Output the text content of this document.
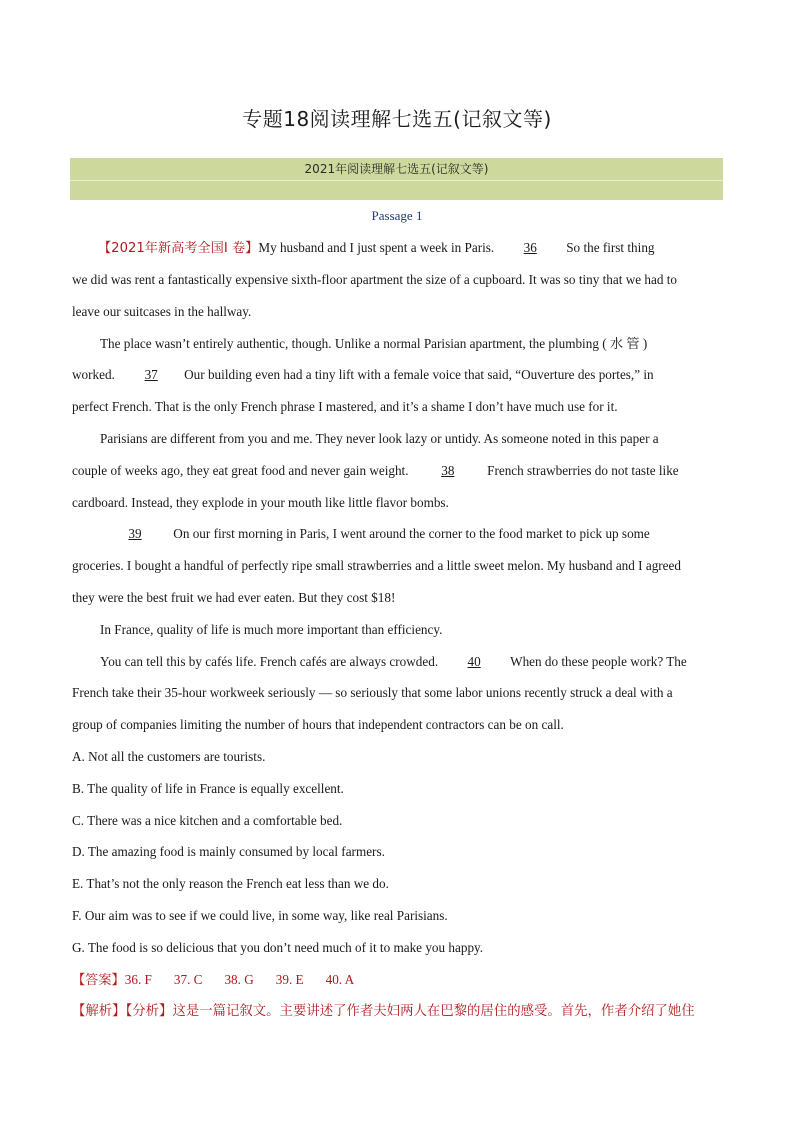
专题18阅读理解七选五(记叙文等)
2021年阅读理解七选五(记叙文等)
Passage 1
【2021年新高考全国Ⅰ 卷】My husband and I just spent a week in Paris. 36 So the first thing
we did was rent a fantastically expensive sixth-floor apartment the size of a cupboard. It was so tiny that we had to
leave our suitcases in the hallway.
The place wasn’t entirely authentic, though. Unlike a normal Parisian apartment, the plumbing ( 水 管 )
worked. 37 Our building even had a tiny lift with a female voice that said, “Ouverture des portes,” in
perfect French. That is the only French phrase I mastered, and it’s a shame I don’t have much use for it.
Parisians are different from you and me. They never look lazy or untidy. As someone noted in this paper a
couple of weeks ago, they eat great food and never gain weight. 38 French strawberries do not taste like
cardboard. Instead, they explode in your mouth like little flavor bombs.
39 On our first morning in Paris, I went around the corner to the food market to pick up some
groceries. I bought a handful of perfectly ripe small strawberries and a little sweet melon. My husband and I agreed
they were the best fruit we had ever eaten. But they cost $18!
In France, quality of life is much more important than efficiency.
You can tell this by cafés life. French cafés are always crowded. 40 When do these people work? The
French take their 35-hour workweek seriously — so seriously that some labor unions recently struck a deal with a
group of companies limiting the number of hours that independent contractors can be on call.
A. Not all the customers are tourists.
B. The quality of life in France is equally excellent.
C. There was a nice kitchen and a comfortable bed.
D. The amazing food is mainly consumed by local farmers.
E. That’s not the only reason the French eat less than we do.
F. Our aim was to see if we could live, in some way, like real Parisians.
G. The food is so delicious that you don’t need much of it to make you happy.
【答案】36. F 37. C 38. G 39. E 40. A
【解析】【分析】这是一篇记叙文。主要讲述了作者夫妇两人在巴黎的居住的感受。首先，作者介绍了她住
